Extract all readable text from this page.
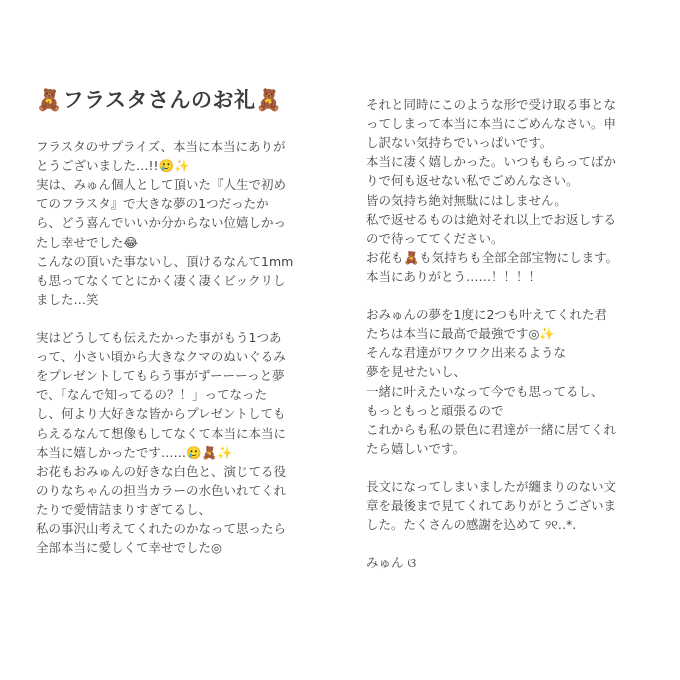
🧸フラスタさんのお礼🧸
フラスタのサプライズ、本当に本当にありが
とうございました…!!🥲✨
実は、みゅん個人として頂いた『人生で初め
てのフラスタ』で大きな夢の1つだったか
ら、どう喜んでいいか分からない位嬉しかっ
たし幸せでした😂
こんなの頂いた事ないし、頂けるなんて1mm
も思ってなくてとにかく凄く凄くビックリし
ました…笑
実はどうしても伝えたかった事がもう1つあ
って、小さい頃から大きなクマのぬいぐるみ
をプレゼントしてもらう事がずーーーっと夢
で、「なんで知ってるの？！」ってなった
し、何より大好きな皆からプレゼントしても
らえるなんて想像もしてなくて本当に本当に
本当に嬉しかったです……🥲🧸✨
お花もおみゅんの好きな白色と、演じてる役
のりなちゃんの担当カラーの水色いれてくれ
たりで愛情詰まりすぎてるし、
私の事沢山考えてくれたのかなって思ったら
全部本当に愛しくて幸せでした◎
それと同時にこのような形で受け取る事とな
ってしまって本当に本当にごめんなさい。申
し訳ない気持ちでいっぱいです。
本当に凄く嬉しかった。いつももらってばか
りで何も返せない私でごめんなさい。
皆の気持ち絶対無駄にはしません。
私で返せるものは絶対それ以上でお返しする
ので待っててください。
お花も🧸も気持ちも全部全部宝物にします。
本当にありがとう……！！！！
おみゅんの夢を1度に2つも叶えてくれた君
たちは本当に最高で最強です◎✨
そんな君達がワクワク出来るような
夢を見せたいし、
一緒に叶えたいなって今でも思ってるし、
もっともっと頑張るので
これからも私の景色に君達が一緒に居てくれ
たら嬉しいです。
長文になってしまいましたが纏まりのない文
章を最後まで見てくれてありがとうございま
した。たくさんの感謝を込めて ୨୧‥*.
みゅん ଓ
